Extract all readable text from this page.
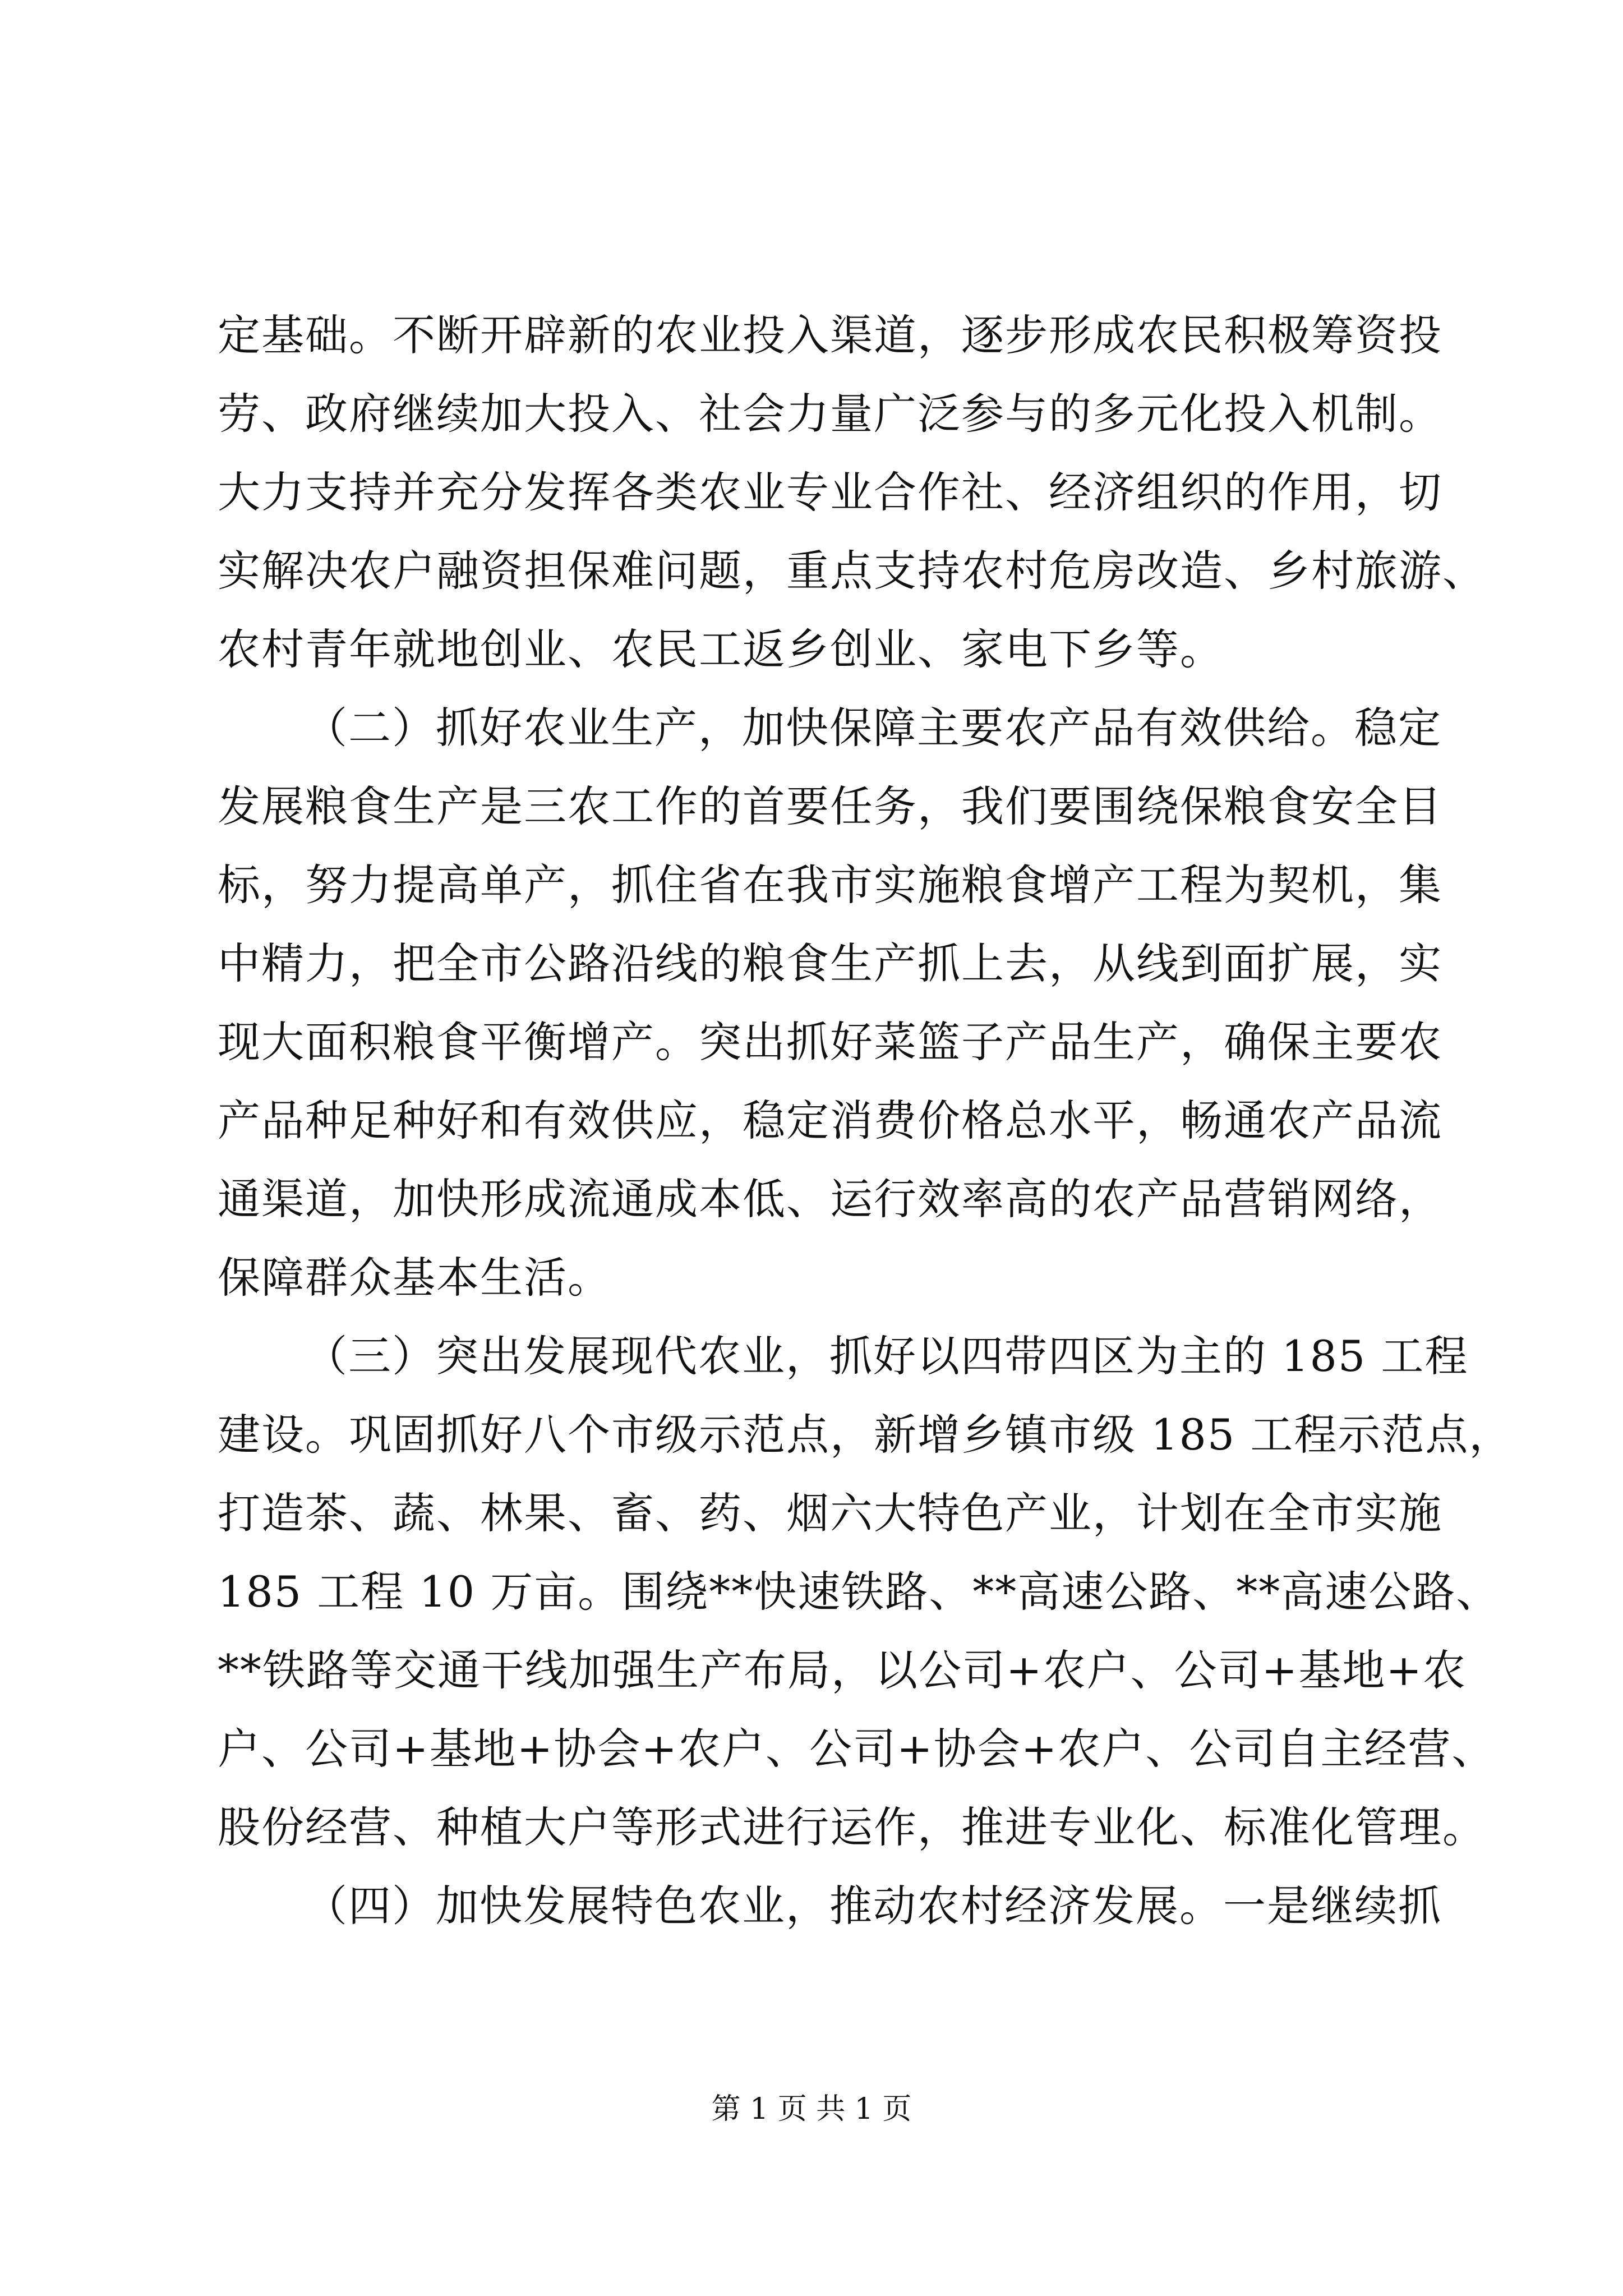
定基础。不断开辟新的农业投入渠道，逐步形成农民积极筹资投
劳、政府继续加大投入、社会力量广泛参与的多元化投入机制。
大力支持并充分发挥各类农业专业合作社、经济组织的作用，切
实解决农户融资担保难问题，重点支持农村危房改造、乡村旅游、
农村青年就地创业、农民工返乡创业、家电下乡等。
（二）抓好农业生产，加快保障主要农产品有效供给。稳定
发展粮食生产是三农工作的首要任务，我们要围绕保粮食安全目
标，努力提高单产，抓住省在我市实施粮食增产工程为契机，集
中精力，把全市公路沿线的粮食生产抓上去，从线到面扩展，实
现大面积粮食平衡增产。突出抓好菜篮子产品生产，确保主要农
产品种足种好和有效供应，稳定消费价格总水平，畅通农产品流
通渠道，加快形成流通成本低、运行效率高的农产品营销网络，
保障群众基本生活。
（三）突出发展现代农业，抓好以四带四区为主的 185 工程
建设。巩固抓好八个市级示范点，新增乡镇市级 185 工程示范点，
打造茶、蔬、林果、畜、药、烟六大特色产业，计划在全市实施
185 工程 10 万亩。围绕**快速铁路、**高速公路、**高速公路、
**铁路等交通干线加强生产布局，以公司+农户、公司+基地+农
户、公司+基地+协会+农户、公司+协会+农户、公司自主经营、
股份经营、种植大户等形式进行运作，推进专业化、标准化管理。
（四）加快发展特色农业，推动农村经济发展。一是继续抓
第 1 页 共 1 页
